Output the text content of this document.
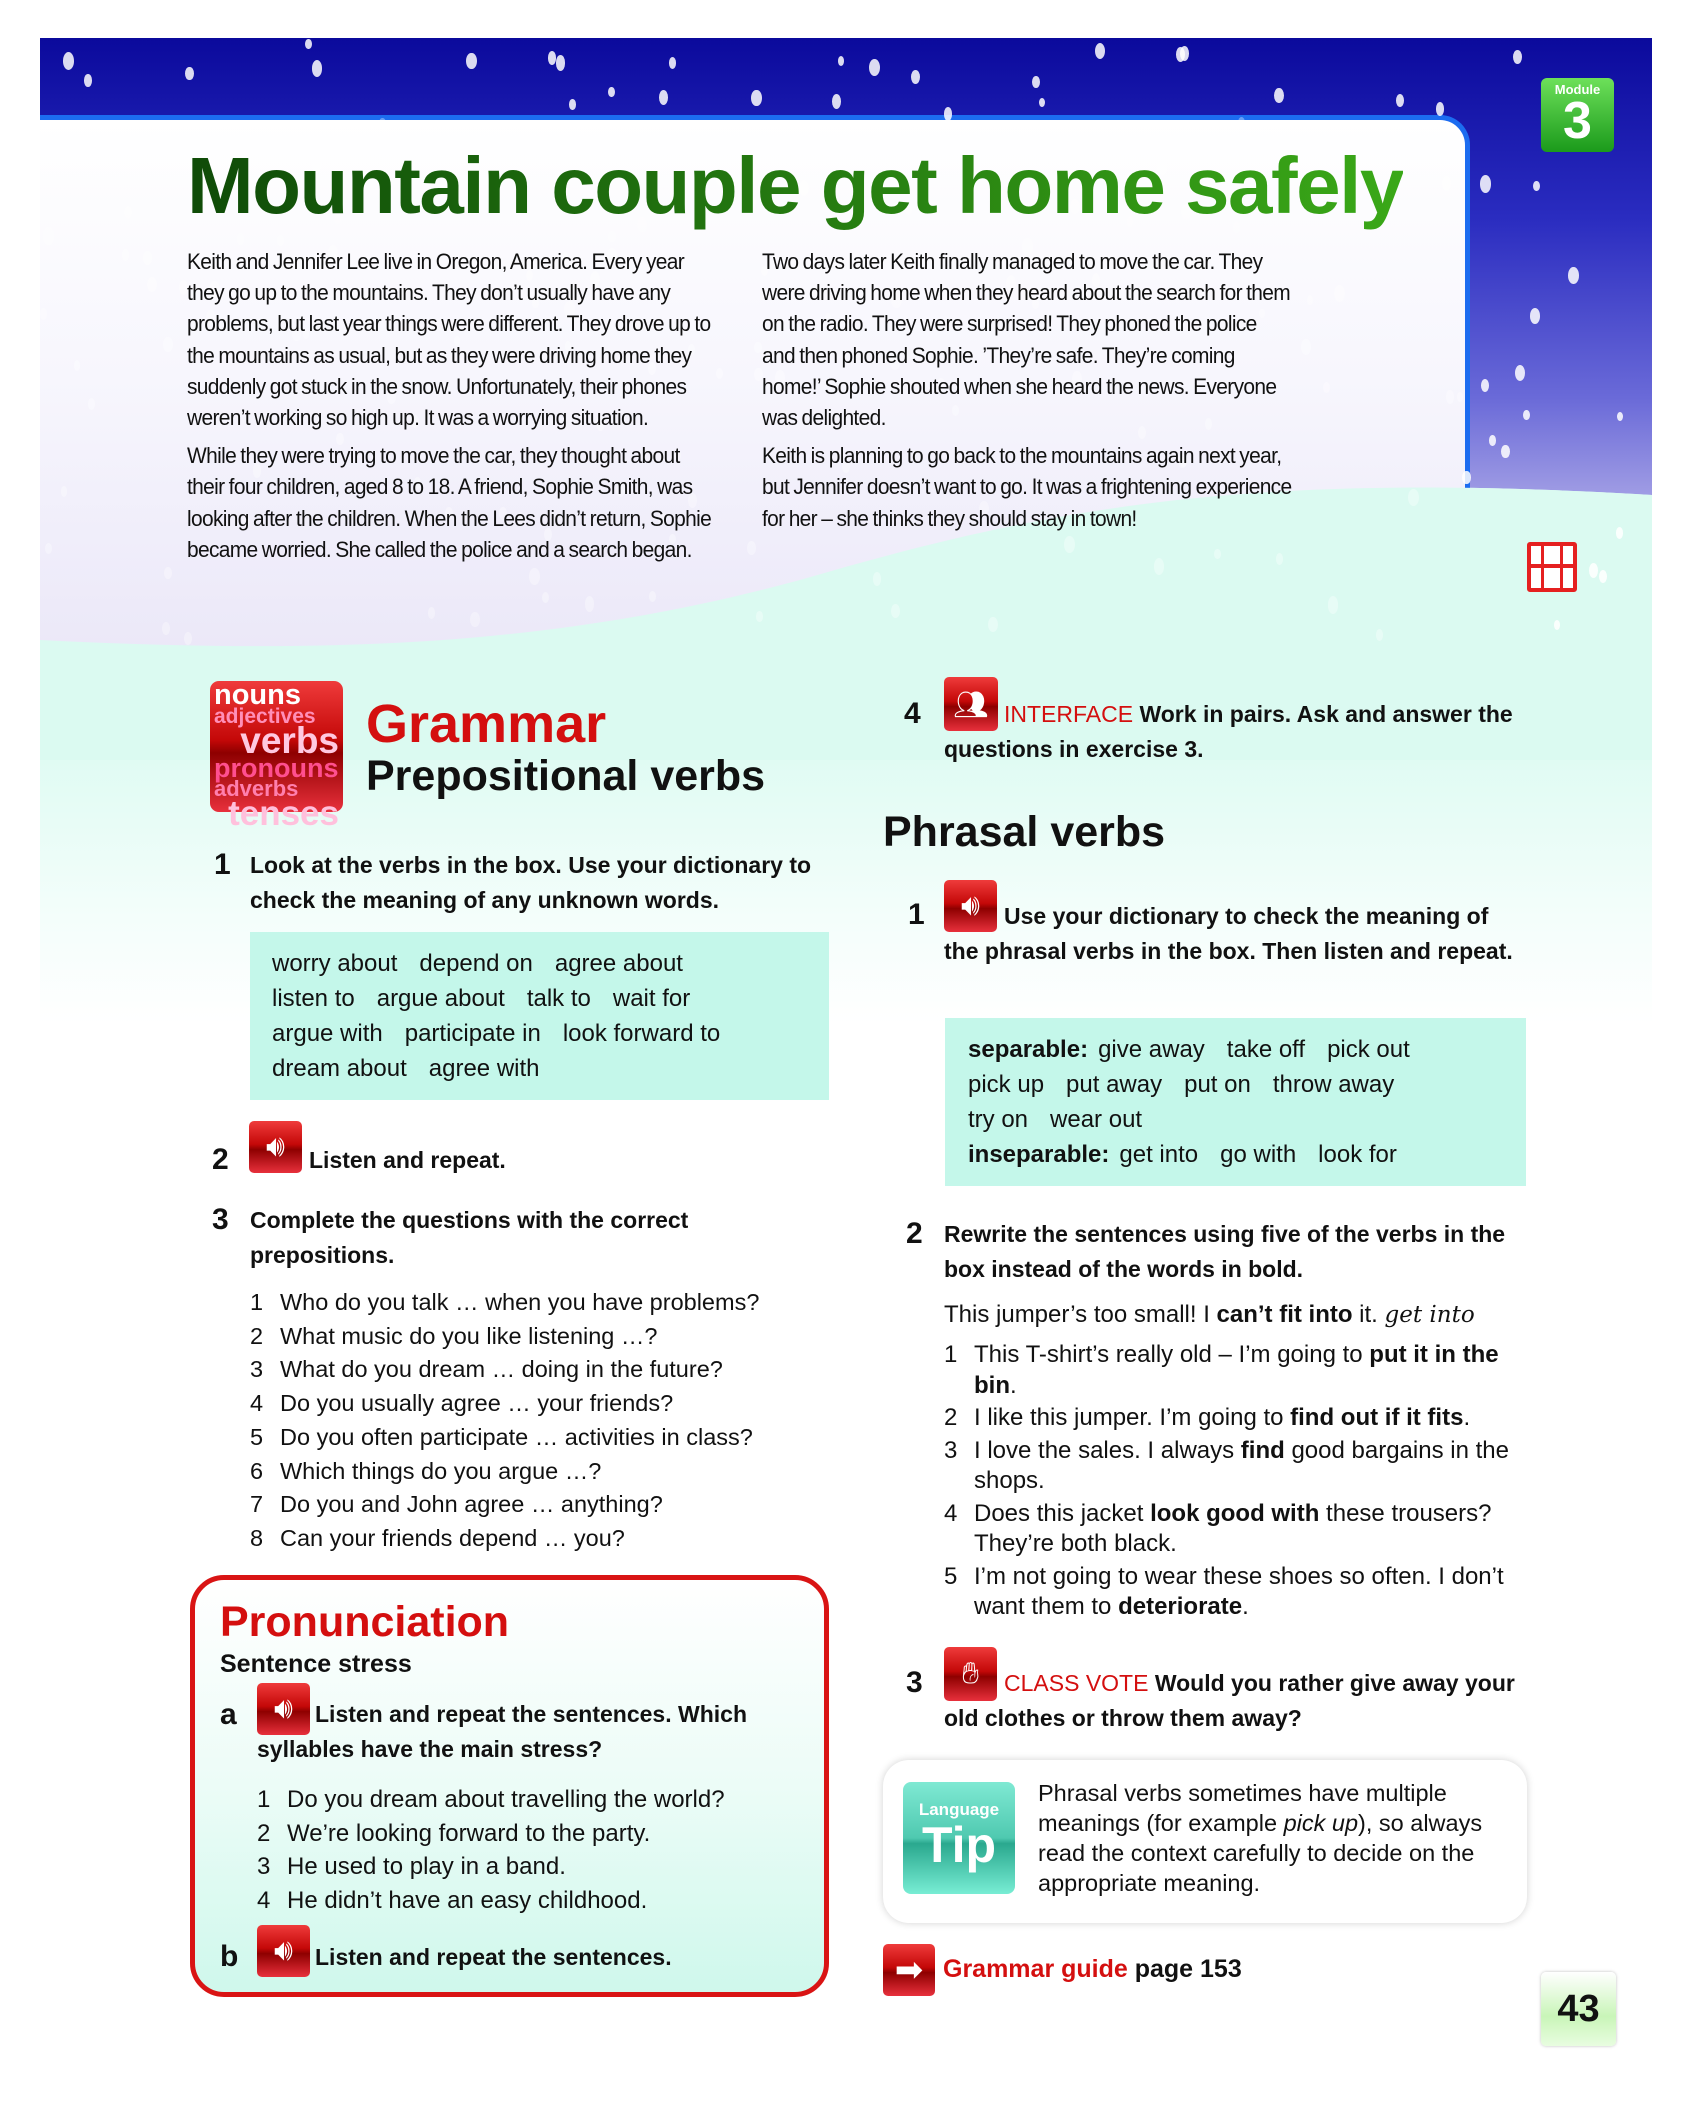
Module
3
Mountain couple get home safely

Keith and Jennifer Lee live in Oregon, America. Every year they go up to the mountains. They don’t usually have any problems, but last year things were different. They drove up to the mountains as usual, but as they were driving home they suddenly got stuck in the snow. Unfortunately, their phones weren’t working so high up. It was a worrying situation.

While they were trying to move the car, they thought about their four children, aged 8 to 18. A friend, Sophie Smith, was looking after the children. When the Lees didn’t return, Sophie became worried. She called the police and a search began.

Two days later Keith finally managed to move the car. They were driving home when they heard about the search for them on the radio. They were surprised! They phoned the police and then phoned Sophie. ’They’re safe. They’re coming home!’ Sophie shouted when she heard the news. Everyone was delighted.

Keith is planning to go back to the mountains again next year, but Jennifer doesn’t want to go. It was a frightening experience for her – she thinks they should stay in town!

nouns
adjectives
verbs
pronouns
adverbs
tenses
Grammar
Prepositional verbs
1 Look at the verbs in the box. Use your dictionary to check the meaning of any unknown words.
worry about depend on agree about
listen to argue about talk to wait for
argue with participate in look forward to
dream about agree with
2	🔊︎	Listen and repeat.
3 Complete the questions with the correct prepositions.
1 Who do you talk … when you have problems?
2 What music do you like listening …?
3 What do you dream … doing in the future?
4 Do you usually agree … your friends?
5 Do you often participate … activities in class?
6 Which things do you argue …?
7 Do you and John agree … anything?
8 Can your friends depend … you?
Pronunciation
Sentence stress
a	🔊︎ Listen and repeat the sentences. Which syllables have the main stress?
1 Do you dream about travelling the world?
2 We’re looking forward to the party.
3 He used to play in a band.
4 He didn’t have an easy childhood.
b	🔊︎ Listen and repeat the sentences.
4	👥︎ INTERFACE Work in pairs. Ask and answer the questions in exercise 3.
Phrasal verbs
1	🔊︎	Use your dictionary to check the meaning of the phrasal verbs in the box. Then listen and repeat.
separable: give away take off pick out
pick up put away put on throw away
try on wear out
inseparable: get into go with look for
2 Rewrite the sentences using five of the verbs in the box instead of the words in bold.
This jumper’s too small! I can’t fit into it. get into
1 This T-shirt’s really old – I’m going to put it in the bin.
2 I like this jumper. I’m going to find out if it fits.
3 I love the sales. I always find good bargains in the shops.
4 Does this jacket look good with these trousers? They’re both black.
5 I’m not going to wear these shoes so often. I don’t want them to deteriorate.
3	✋︎	CLASS VOTE Would you rather give away your old clothes or throw them away?
Language
Tip
Phrasal verbs sometimes have multiple meanings (for example pick up), so always read the context carefully to decide on the appropriate meaning.
➡︎ Grammar guide page 153
43
